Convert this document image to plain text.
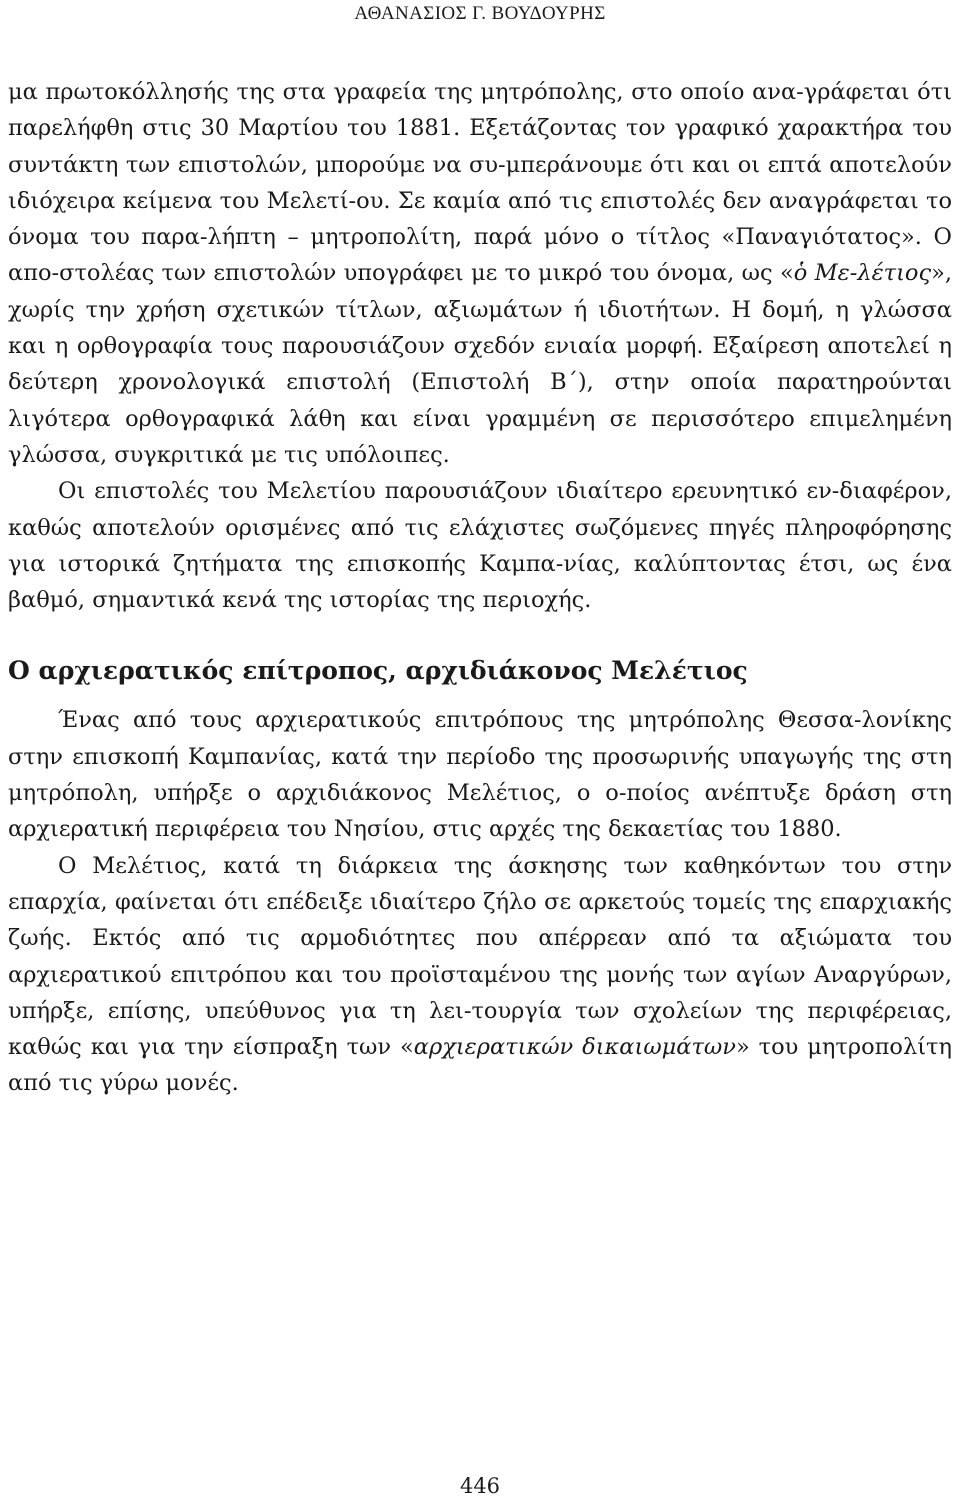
ΑΘΑΝΑΣΙΟΣ Γ. ΒΟΥΔΟΥΡΗΣ

μα πρωτοκόλλησής της στα γραφεία της μητρόπολης, στο οποίο ανα-γράφεται ότι παρελήφθη στις 30 Μαρτίου του 1881. Εξετάζοντας τον γραφικό χαρακτήρα του συντάκτη των επιστολών, μπορούμε να συ-μπεράνουμε ότι και οι επτά αποτελούν ιδιόχειρα κείμενα του Μελετί-ου. Σε καμία από τις επιστολές δεν αναγράφεται το όνομα του παρα-λήπτη – μητροπολίτη, παρά μόνο ο τίτλος «Παναγιότατος». Ο απο-στολέας των επιστολών υπογράφει με το μικρό του όνομα, ως «ὁ Με-λέτιος», χωρίς την χρήση σχετικών τίτλων, αξιωμάτων ή ιδιοτήτων. Η δομή, η γλώσσα και η ορθογραφία τους παρουσιάζουν σχεδόν ενιαία μορφή. Εξαίρεση αποτελεί η δεύτερη χρονολογικά επιστολή (Επιστολή Β΄), στην οποία παρατηρούνται λιγότερα ορθογραφικά λάθη και είναι γραμμένη σε περισσότερο επιμελημένη γλώσσα, συγκριτικά με τις υπόλοιπες.

Οι επιστολές του Μελετίου παρουσιάζουν ιδιαίτερο ερευνητικό εν-διαφέρον, καθώς αποτελούν ορισμένες από τις ελάχιστες σωζόμενες πηγές πληροφόρησης για ιστορικά ζητήματα της επισκοπής Καμπα-νίας, καλύπτοντας έτσι, ως ένα βαθμό, σημαντικά κενά της ιστορίας της περιοχής.

Ο αρχιερατικός επίτροπος, αρχιδιάκονος Μελέτιος

Ένας από τους αρχιερατικούς επιτρόπους της μητρόπολης Θεσσα-λονίκης στην επισκοπή Καμπανίας, κατά την περίοδο της προσωρινής υπαγωγής της στη μητρόπολη, υπήρξε ο αρχιδιάκονος Μελέτιος, ο ο-ποίος ανέπτυξε δράση στη αρχιερατική περιφέρεια του Νησίου, στις αρχές της δεκαετίας του 1880.

Ο Μελέτιος, κατά τη διάρκεια της άσκησης των καθηκόντων του στην επαρχία, φαίνεται ότι επέδειξε ιδιαίτερο ζήλο σε αρκετούς τομείς της επαρχιακής ζωής. Εκτός από τις αρμοδιότητες που απέρρεαν από τα αξιώματα του αρχιερατικού επιτρόπου και του προϊσταμένου της μονής των αγίων Αναργύρων, υπήρξε, επίσης, υπεύθυνος για τη λει-τουργία των σχολείων της περιφέρειας, καθώς και για την είσπραξη των «αρχιερατικών δικαιωμάτων» του μητροπολίτη από τις γύρω μονές.

446
